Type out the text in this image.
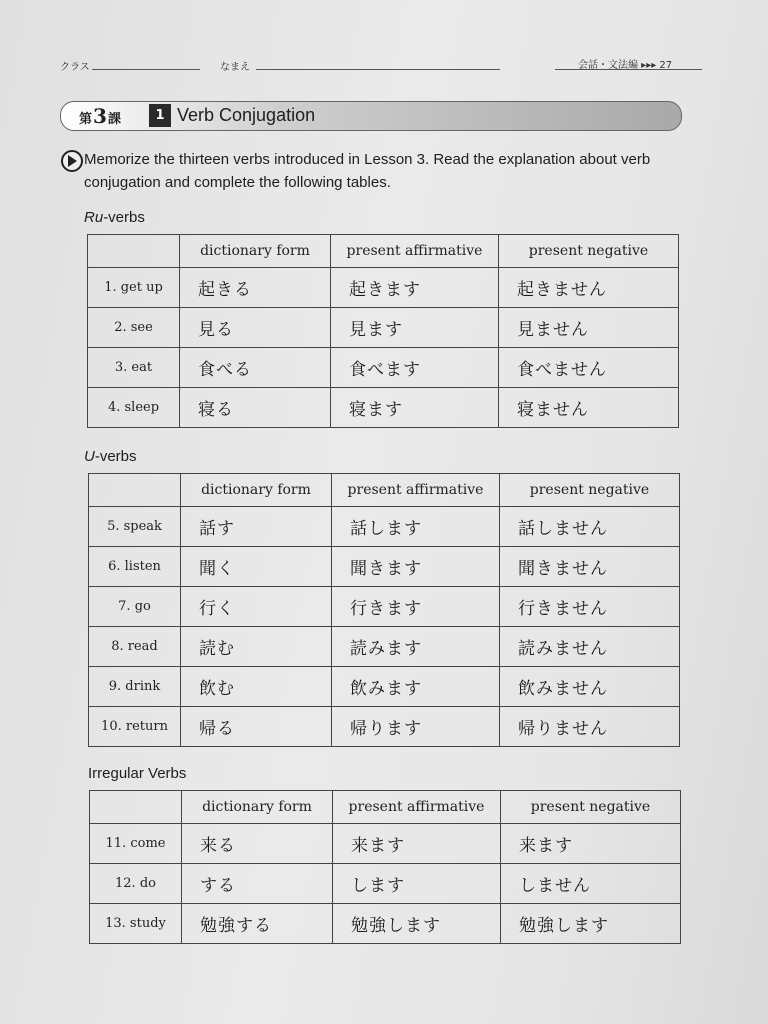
クラス	なまえ	会話・文法編 ▸▸▸ 27
第 3 課	1 Verb Conjugation
Memorize the thirteen verbs introduced in Lesson 3. Read the explanation about verb conjugation and complete the following tables.
Ru-verbs
	dictionary form	present affirmative	present negative
1. get up	起きる	起きます	起きません
2. see	見る	見ます	見ません
3. eat	食べる	食べます	食べません
4. sleep	寝る	寝ます	寝ません
U-verbs
	dictionary form	present affirmative	present negative
5. speak	話す	話します	話しません
6. listen	聞く	聞きます	聞きません
7. go	行く	行きます	行きません
8. read	読む	読みます	読みません
9. drink	飲む	飲みます	飲みません
10. return	帰る	帰ります	帰りません
Irregular Verbs
	dictionary form	present affirmative	present negative
11. come	来る	来ます	来ます
12. do	する	します	しません
13. study	勉強する	勉強します	勉強します
